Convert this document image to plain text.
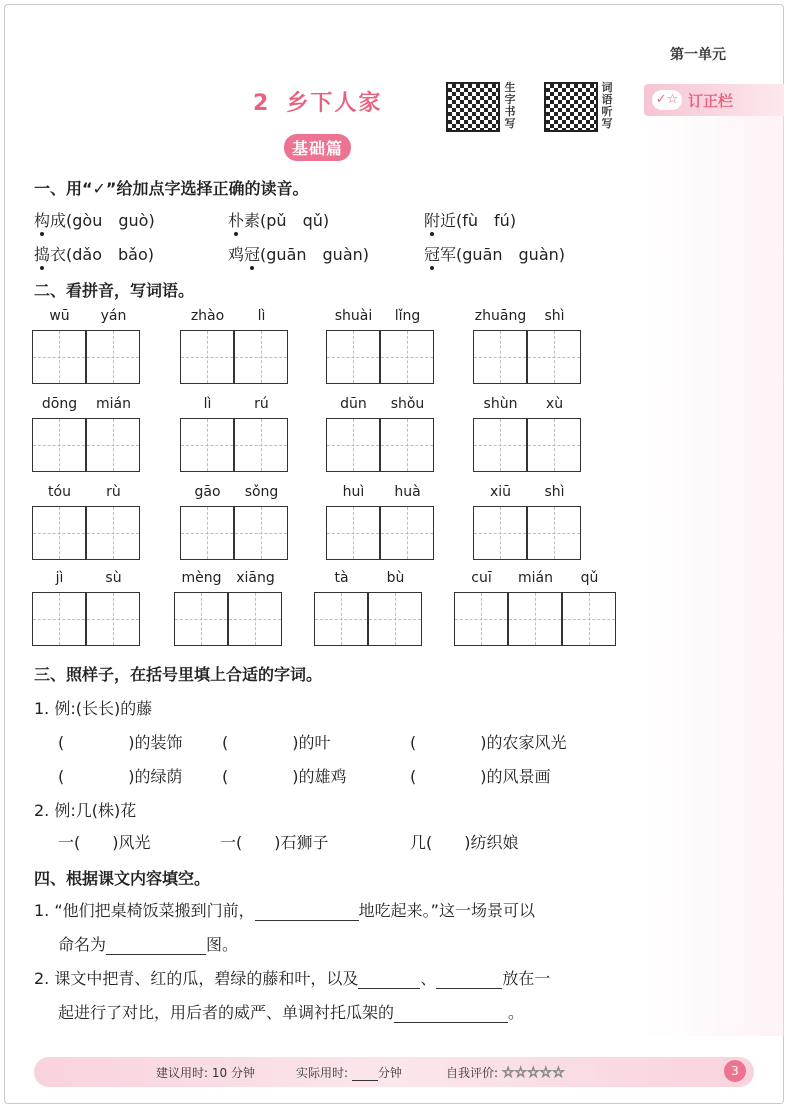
第一单元
2 乡下人家
生字书写
词语听写
✓☆ 订正栏
基础篇
一、用“✓”给加点字选择正确的读音。
构成(gòu　guò)	朴素(pǔ　qǔ)	附近(fù　fú)
捣衣(dǎo　bǎo)	鸡冠(guān　guàn)	冠军(guān　guàn)
二、看拼音，写词语。
wū	yán	zhào	lì	shuài	lǐng	zhuāng	shì
dōng	mián	lì	rú	dūn	shǒu	shùn	xù
tóu	rù	gāo	sǒng	huì	huà	xiū	shì
jì	sù	mèng	xiāng	tà	bù	cuī	mián	qǔ
三、照样子，在括号里填上合适的字词。
1. 例:(长长)的藤
(　　　　)的装饰 (　　　　)的叶	(　　　　)的农家风光
(　　　　)的绿荫 (　　　　)的雄鸡	(　　　　)的风景画
2. 例:几(株)花
一(　　)风光	一(　　)石狮子	几(　　)纺织娘
四、根据课文内容填空。
1. “他们把桌椅饭菜搬到门前，	地吃起来。”这一场景可以
命名为	图。
2. 课文中把青、红的瓜，碧绿的藤和叶，以及	、	放在一
起进行了对比，用后者的威严、单调衬托瓜架的	。
建议用时: 10 分钟	实际用时: 分钟	自我评价: ☆☆☆☆☆	3
